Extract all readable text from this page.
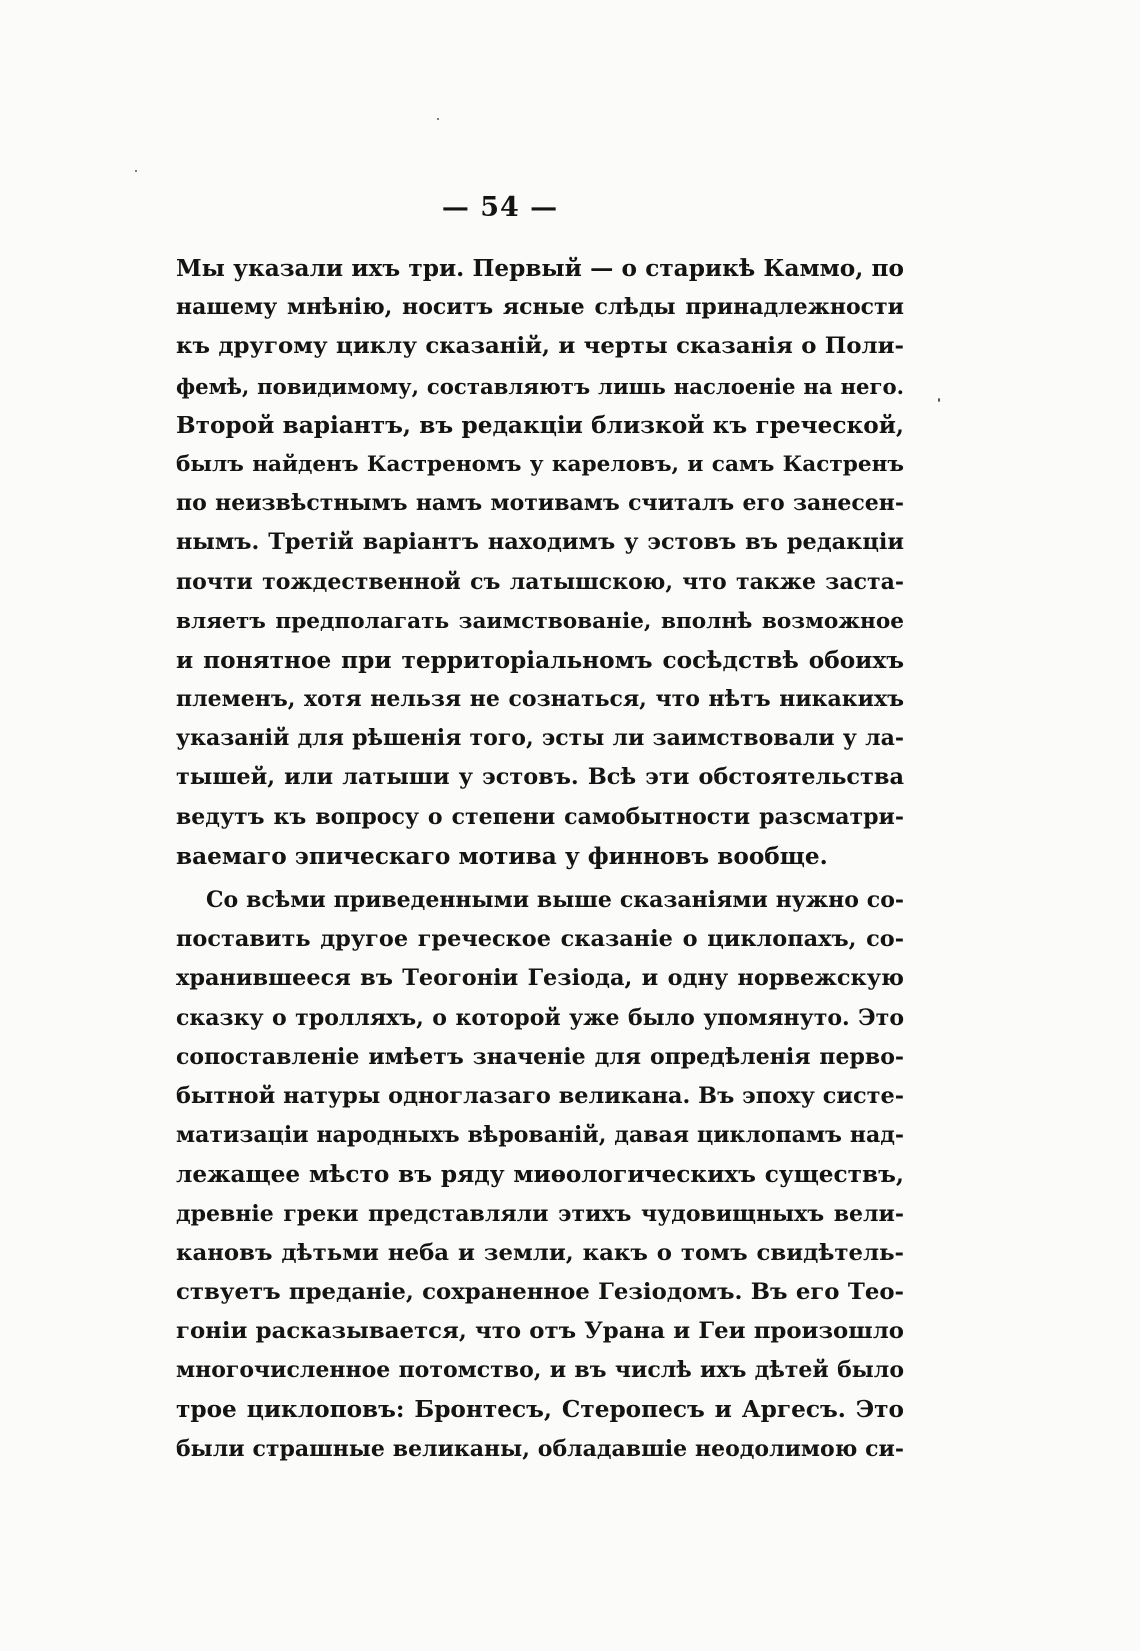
— 54 —
Мы указали ихъ три. Первый — о старикѣ Каммо, по
нашему мнѣнію, носитъ ясные слѣды принадлежности
къ другому циклу сказаній, и черты сказанія о Поли-
фемѣ, повидимому, составляютъ лишь наслоеніе на него.
Второй варіантъ, въ редакціи близкой къ греческой,
былъ найденъ Кастреномъ у кареловъ, и самъ Кастренъ
по неизвѣстнымъ намъ мотивамъ считалъ его занесен-
нымъ. Третій варіантъ находимъ у эстовъ въ редакціи
почти тождественной съ латышскою, что также заста-
вляетъ предполагать заимствованіе, вполнѣ возможное
и понятное при территоріальномъ сосѣдствѣ обоихъ
племенъ, хотя нельзя не сознаться, что нѣтъ никакихъ
указаній для рѣшенія того, эсты ли заимствовали у ла-
тышей, или латыши у эстовъ. Всѣ эти обстоятельства
ведутъ къ вопросу о степени самобытности разсматри-
ваемаго эпическаго мотива у финновъ вообще.
Со всѣми приведенными выше сказаніями нужно со-
поставить другое греческое сказаніе о циклопахъ, со-
хранившееся въ Теогоніи Гезіода, и одну норвежскую
сказку о тролляхъ, о которой уже было упомянуто. Это
сопоставленіе имѣетъ значеніе для опредѣленія перво-
бытной натуры одноглазаго великана. Въ эпоху систе-
матизаціи народныхъ вѣрованій, давая циклопамъ над-
лежащее мѣсто въ ряду миѳологическихъ существъ,
древніе греки представляли этихъ чудовищныхъ вели-
кановъ дѣтьми неба и земли, какъ о томъ свидѣтель-
ствуетъ преданіе, сохраненное Гезіодомъ. Въ его Тео-
гоніи расказывается, что отъ Урана и Геи произошло
многочисленное потомство, и въ числѣ ихъ дѣтей было
трое циклоповъ: Бронтесъ, Стеропесъ и Аргесъ. Это
были страшные великаны, обладавшіе неодолимою си-
